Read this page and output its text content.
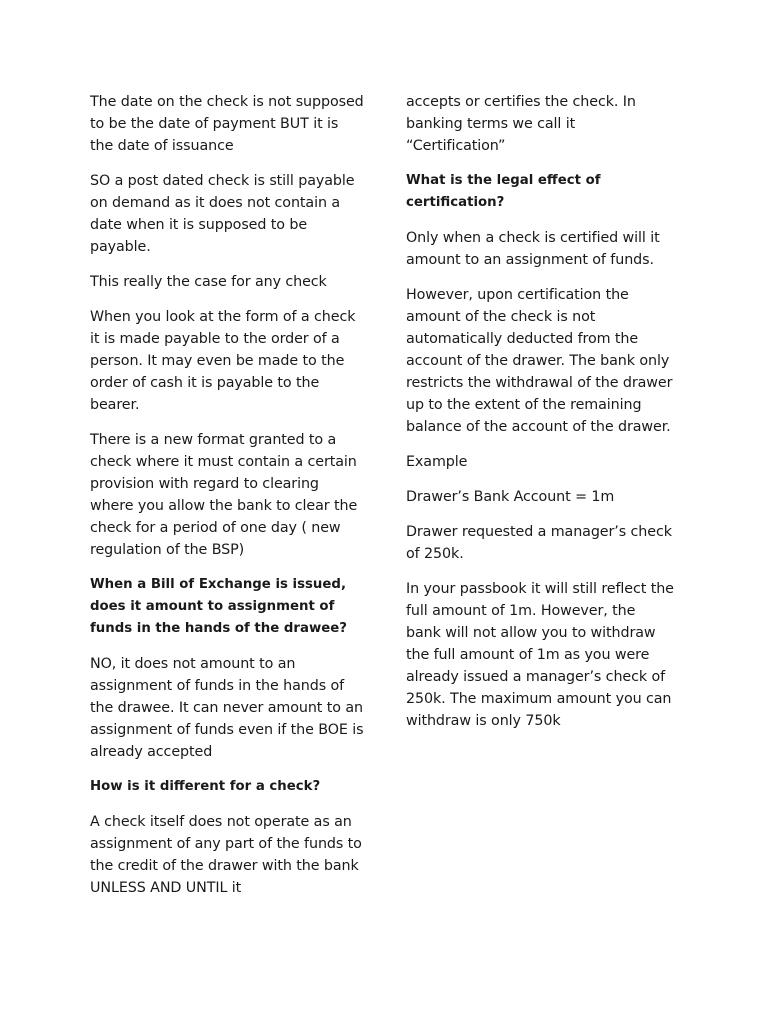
The date on the check is not supposed to be the date of payment BUT it is the date of issuance

SO a post dated check is still payable on demand as it does not contain a date when it is supposed to be payable.

This really the case for any check

When you look at the form of a check it is made payable to the order of a person. It may even be made to the order of cash it is payable to the bearer.

There is a new format granted to a check where it must contain a certain provision with regard to clearing where you allow the bank to clear the check for a period of one day ( new regulation of the BSP)

When a Bill of Exchange is issued, does it amount to assignment of funds in the hands of the drawee?

NO, it does not amount to an assignment of funds in the hands of the drawee. It can never amount to an assignment of funds even if the BOE is already accepted

How is it different for a check?

A check itself does not operate as an assignment of any part of the funds to the credit of the drawer with the bank UNLESS AND UNTIL it

accepts or certifies the check. In banking terms we call it “Certification”

What is the legal effect of certification?

Only when a check is certified will it amount to an assignment of funds.

However, upon certification the amount of the check is not automatically deducted from the account of the drawer. The bank only restricts the withdrawal of the drawer up to the extent of the remaining balance of the account of the drawer.

Example

Drawer’s Bank Account = 1m

Drawer requested a manager’s check of 250k.

In your passbook it will still reflect the full amount of 1m. However, the bank will not allow you to withdraw the full amount of 1m as you were already issued a manager’s check of 250k. The maximum amount you can withdraw is only 750k
